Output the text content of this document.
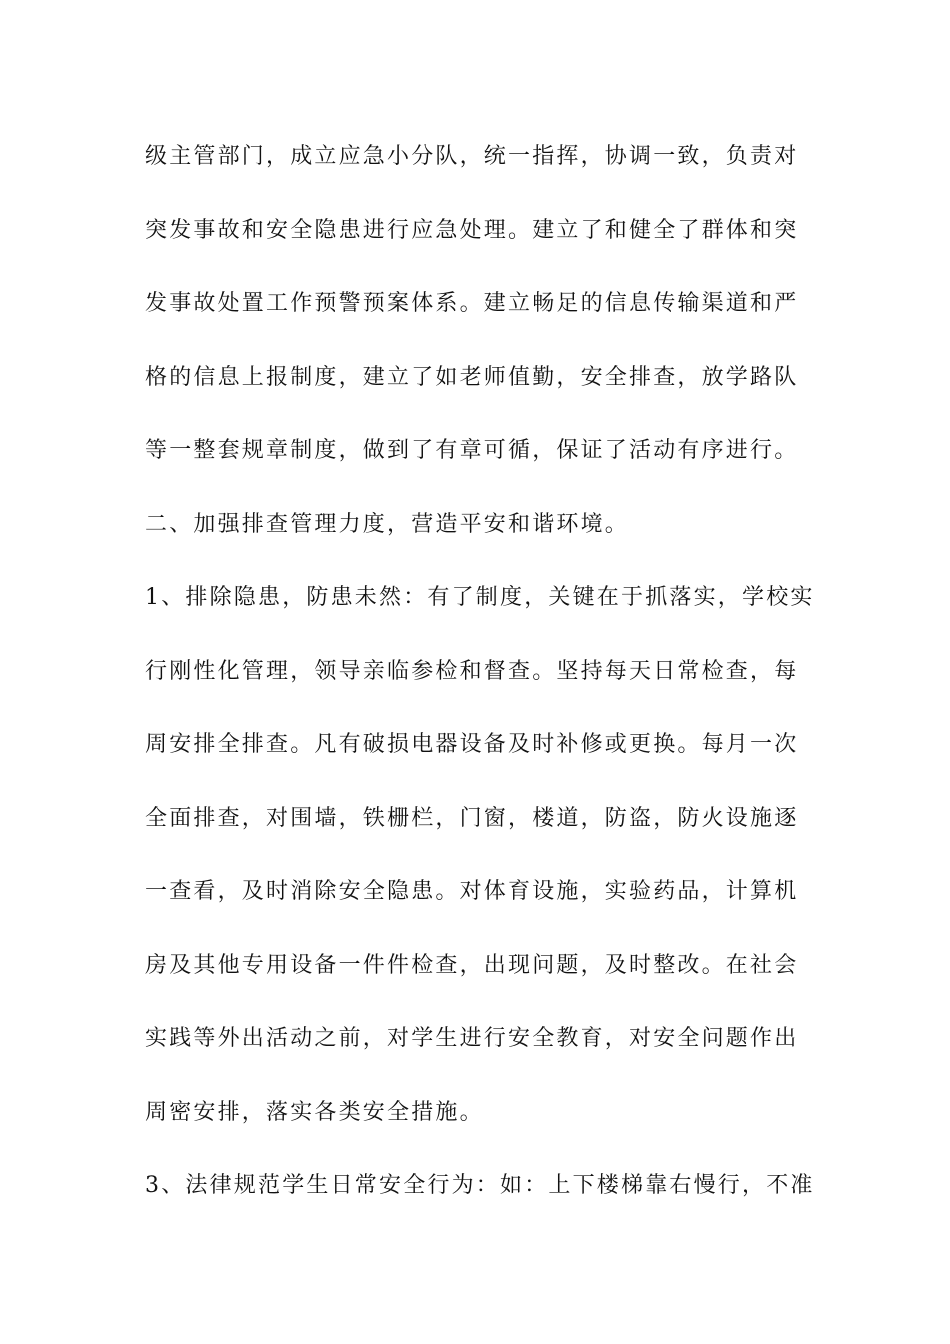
级主管部门，成立应急小分队，统一指挥，协调一致，负责对
突发事故和安全隐患进行应急处理。建立了和健全了群体和突
发事故处置工作预警预案体系。建立畅足的信息传输渠道和严
格的信息上报制度，建立了如老师值勤，安全排查，放学路队
等一整套规章制度，做到了有章可循，保证了活动有序进行。
二、加强排查管理力度，营造平安和谐环境。
1、排除隐患，防患未然：有了制度，关键在于抓落实，学校实
行刚性化管理，领导亲临参检和督查。坚持每天日常检查，每
周安排全排查。凡有破损电器设备及时补修或更换。每月一次
全面排查，对围墙，铁栅栏，门窗，楼道，防盗，防火设施逐
一查看，及时消除安全隐患。对体育设施，实验药品，计算机
房及其他专用设备一件件检查，出现问题，及时整改。在社会
实践等外出活动之前，对学生进行安全教育，对安全问题作出
周密安排，落实各类安全措施。
3、法律规范学生日常安全行为：如：上下楼梯靠右慢行，不准
